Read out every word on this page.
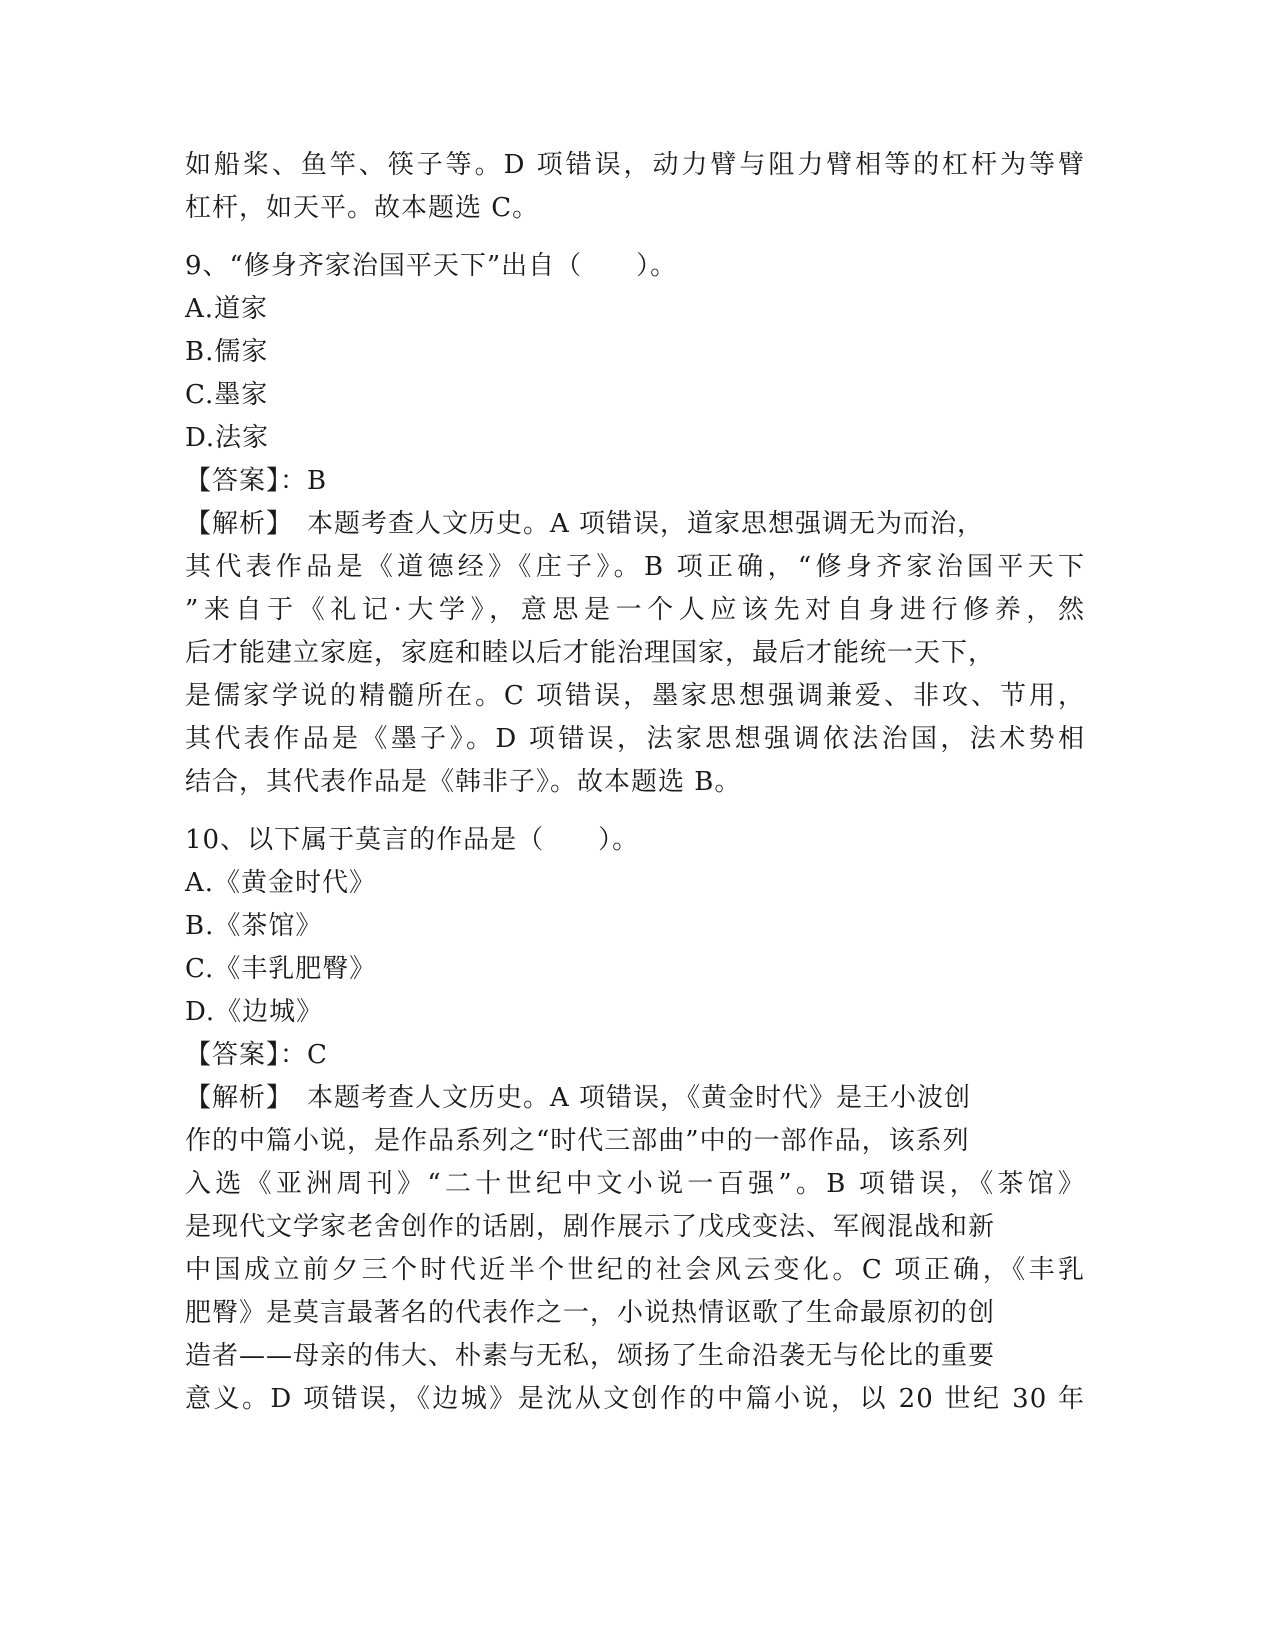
如船桨、鱼竿、筷子等。D 项错误，动力臂与阻力臂相等的杠杆为等臂
杠杆，如天平。故本题选 C。
9、“修身齐家治国平天下”出自（　　）。
A.道家
B.儒家
C.墨家
D.法家
【答案】：B
【解析】　本题考查人文历史。A 项错误，道家思想强调无为而治，
其代表作品是《道德经》《庄子》。B 项正确，“修身齐家治国平天下
”来自于《礼记·大学》，意思是一个人应该先对自身进行修养，然
后才能建立家庭，家庭和睦以后才能治理国家，最后才能统一天下，
是儒家学说的精髓所在。C 项错误，墨家思想强调兼爱、非攻、节用，
其代表作品是《墨子》。D 项错误，法家思想强调依法治国，法术势相
结合，其代表作品是《韩非子》。故本题选 B。
10、以下属于莫言的作品是（　　）。
A.《黄金时代》
B.《茶馆》
C.《丰乳肥臀》
D.《边城》
【答案】：C
【解析】　本题考查人文历史。A 项错误，《黄金时代》是王小波创
作的中篇小说，是作品系列之“时代三部曲”中的一部作品，该系列
入选《亚洲周刊》“二十世纪中文小说一百强”。B 项错误，《茶馆》
是现代文学家老舍创作的话剧，剧作展示了戊戌变法、军阀混战和新
中国成立前夕三个时代近半个世纪的社会风云变化。C 项正确，《丰乳
肥臀》是莫言最著名的代表作之一，小说热情讴歌了生命最原初的创
造者——母亲的伟大、朴素与无私，颂扬了生命沿袭无与伦比的重要
意义。D 项错误，《边城》是沈从文创作的中篇小说，以 20 世纪 30 年
